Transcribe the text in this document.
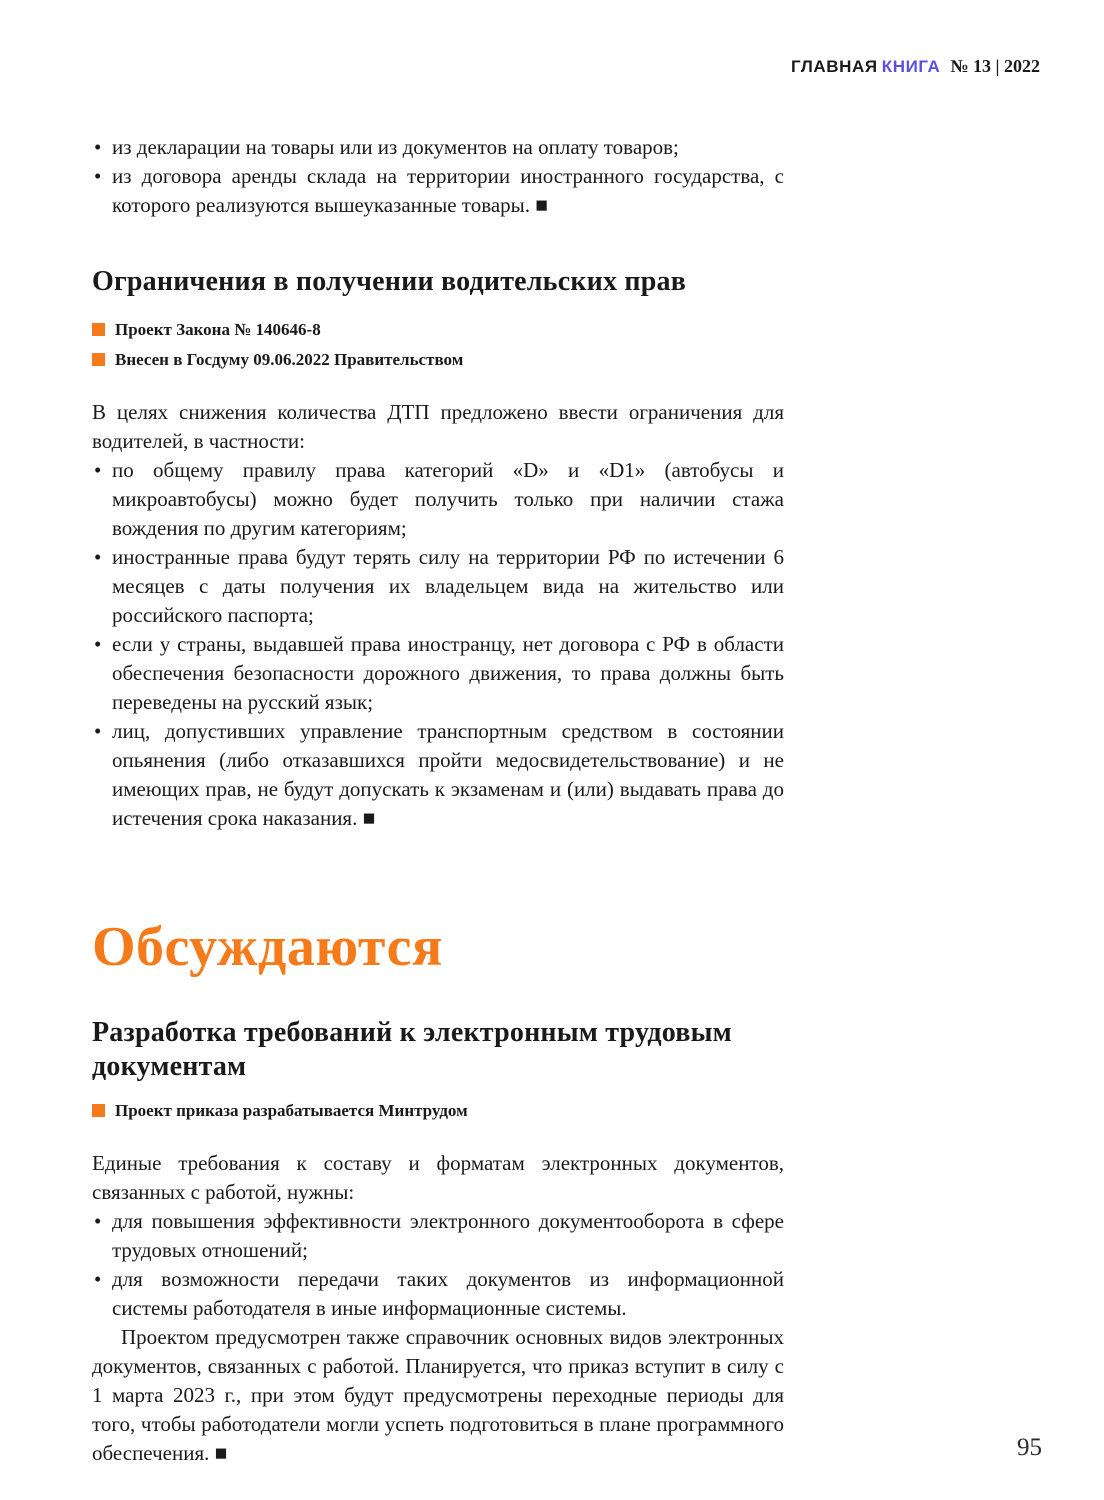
ГЛАВНАЯ КНИГА № 13 | 2022
• из декларации на товары или из документов на оплату товаров;
• из договора аренды склада на территории иностранного государства, с которого реализуются вышеуказанные товары. ■
Ограничения в получении водительских прав
Проект Закона № 140646-8
Внесен в Госдуму 09.06.2022 Правительством

В целях снижения количества ДТП предложено ввести ограничения для водителей, в частности:

• по общему правилу права категорий «D» и «D1» (автобусы и микроавтобусы) можно будет получить только при наличии стажа вождения по другим категориям;
• иностранные права будут терять силу на территории РФ по истечении 6 месяцев с даты получения их владельцем вида на жительство или российского паспорта;
• если у страны, выдавшей права иностранцу, нет договора с РФ в области обеспечения безопасности дорожного движения, то права должны быть переведены на русский язык;
• лиц, допустивших управление транспортным средством в состоянии опьянения (либо отказавшихся пройти медосвидетельствование) и не имеющих прав, не будут допускать к экзаменам и (или) выдавать права до истечения срока наказания. ■
Обсуждаются
Разработка требований к электронным трудовым документам
Проект приказа разрабатывается Минтрудом

Единые требования к составу и форматам электронных документов, связанных с работой, нужны:

• для повышения эффективности электронного документооборота в сфере трудовых отношений;
• для возможности передачи таких документов из информационной системы работодателя в иные информационные системы.

Проектом предусмотрен также справочник основных видов электронных документов, связанных с работой. Планируется, что приказ вступит в силу с 1 марта 2023 г., при этом будут предусмотрены переходные периоды для того, чтобы работодатели могли успеть подготовиться в плане программного обеспечения. ■	95
